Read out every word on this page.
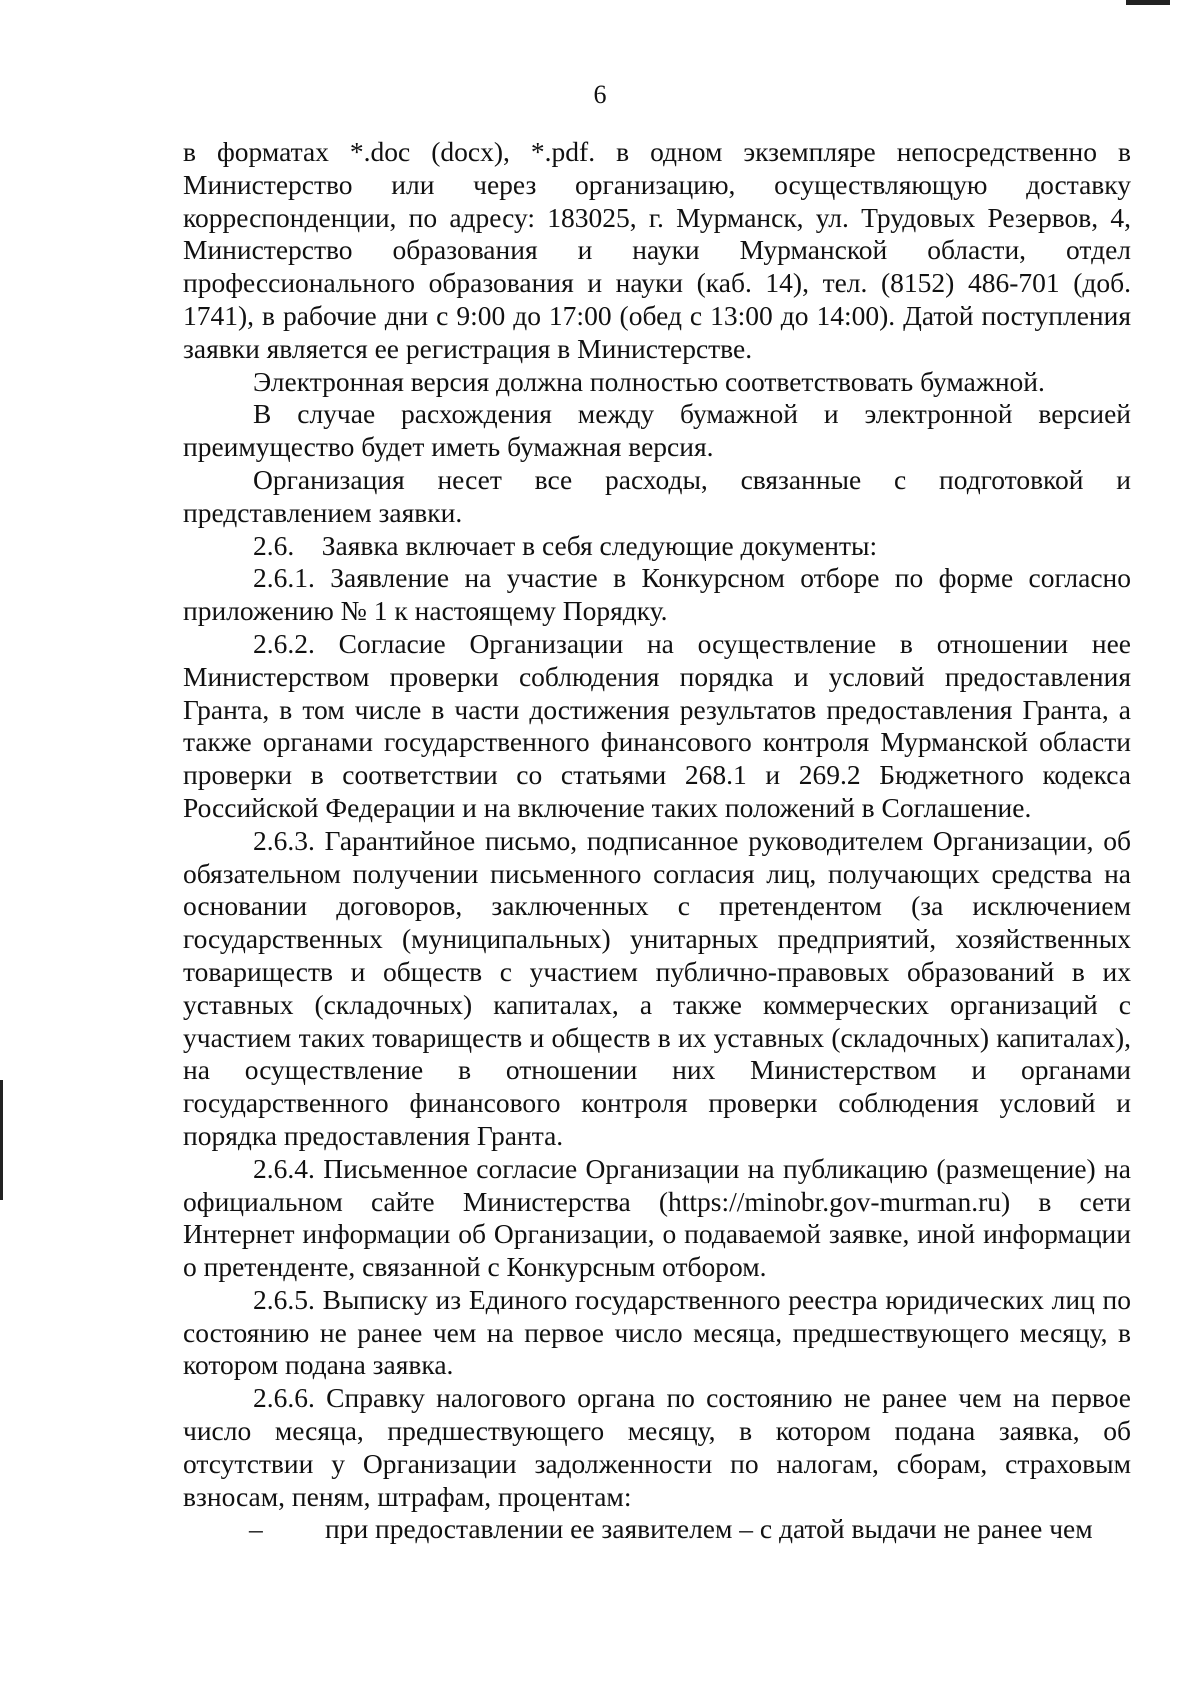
6

в форматах *.doc (docx), *.pdf. в одном экземпляре непосредственно в Министерство или через организацию, осуществляющую доставку корреспонденции, по адресу: 183025, г. Мурманск, ул. Трудовых Резервов, 4, Министерство образования и науки Мурманской области, отдел профессионального образования и науки (каб. 14), тел. (8152) 486-701 (доб. 1741), в рабочие дни с 9:00 до 17:00 (обед с 13:00 до 14:00). Датой поступления заявки является ее регистрация в Министерстве.

Электронная версия должна полностью соответствовать бумажной.

В случае расхождения между бумажной и электронной версией преимущество будет иметь бумажная версия.

Организация несет все расходы, связанные с подготовкой и представлением заявки.

2.6.    Заявка включает в себя следующие документы:

2.6.1. Заявление на участие в Конкурсном отборе по форме согласно приложению № 1 к настоящему Порядку.

2.6.2. Согласие Организации на осуществление в отношении нее Министерством проверки соблюдения порядка и условий предоставления Гранта, в том числе в части достижения результатов предоставления Гранта, а также органами государственного финансового контроля Мурманской области проверки в соответствии со статьями 268.1 и 269.2 Бюджетного кодекса Российской Федерации и на включение таких положений в Соглашение.

2.6.3. Гарантийное письмо, подписанное руководителем Организации, об обязательном получении письменного согласия лиц, получающих средства на основании договоров, заключенных с претендентом (за исключением государственных (муниципальных) унитарных предприятий, хозяйственных товариществ и обществ с участием публично-правовых образований в их уставных (складочных) капиталах, а также коммерческих организаций с участием таких товариществ и обществ в их уставных (складочных) капиталах), на осуществление в отношении них Министерством и органами государственного финансового контроля проверки соблюдения условий и порядка предоставления Гранта.

2.6.4. Письменное согласие Организации на публикацию (размещение) на официальном сайте Министерства (https://minobr.gov-murman.ru) в сети Интернет информации об Организации, о подаваемой заявке, иной информации о претенденте, связанной с Конкурсным отбором.

2.6.5. Выписку из Единого государственного реестра юридических лиц по состоянию не ранее чем на первое число месяца, предшествующего месяцу, в котором подана заявка.

2.6.6. Справку налогового органа по состоянию не ранее чем на первое число месяца, предшествующего месяцу, в котором подана заявка, об отсутствии у Организации задолженности по налогам, сборам, страховым взносам, пеням, штрафам, процентам:

– при предоставлении ее заявителем – с датой выдачи не ранее чем
